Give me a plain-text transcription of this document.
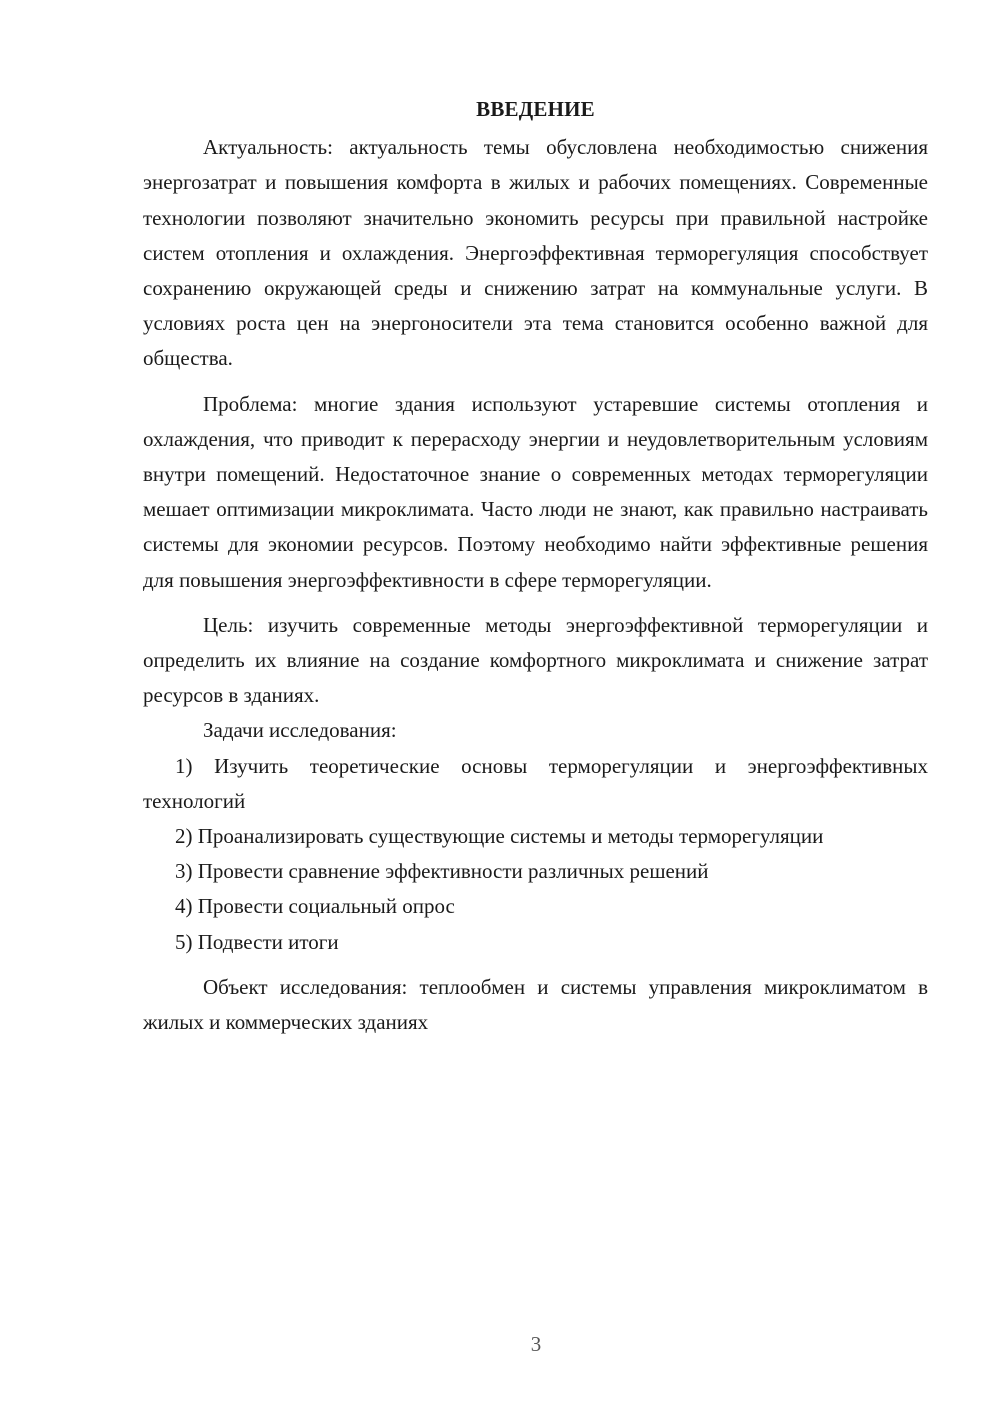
ВВЕДЕНИЕ

Актуальность: актуальность темы обусловлена необходимостью снижения энергозатрат и повышения комфорта в жилых и рабочих помещениях. Современные технологии позволяют значительно экономить ресурсы при правильной настройке систем отопления и охлаждения. Энергоэффективная терморегуляция способствует сохранению окружающей среды и снижению затрат на коммунальные услуги. В условиях роста цен на энергоносители эта тема становится особенно важной для общества.

Проблема: многие здания используют устаревшие системы отопления и охлаждения, что приводит к перерасходу энергии и неудовлетворительным условиям внутри помещений. Недостаточное знание о современных методах терморегуляции мешает оптимизации микроклимата. Часто люди не знают, как правильно настраивать системы для экономии ресурсов. Поэтому необходимо найти эффективные решения для повышения энергоэффективности в сфере терморегуляции.

Цель: изучить современные методы энергоэффективной терморегуляции и определить их влияние на создание комфортного микроклимата и снижение затрат ресурсов в зданиях.

Задачи исследования:

1) Изучить теоретические основы терморегуляции и энергоэффективных технологий

2) Проанализировать существующие системы и методы терморегуляции

3) Провести сравнение эффективности различных решений

4) Провести социальный опрос

5) Подвести итоги

Объект исследования: теплообмен и системы управления микроклиматом в жилых и коммерческих зданиях

3
